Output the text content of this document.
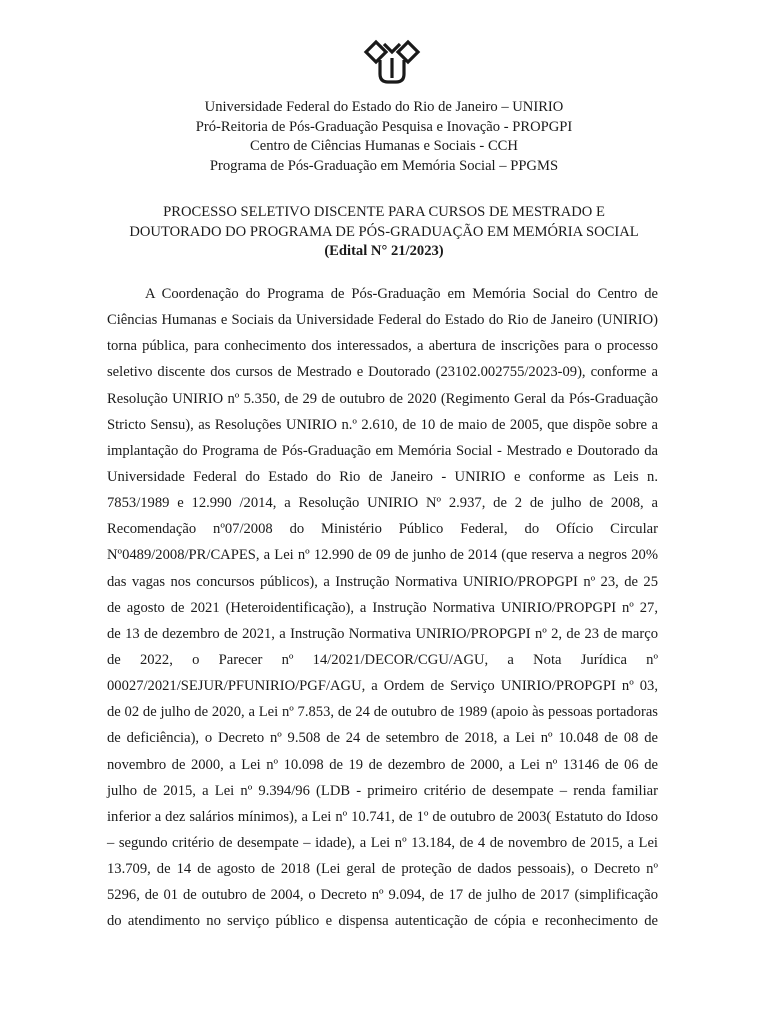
Universidade Federal do Estado do Rio de Janeiro – UNIRIO
Pró-Reitoria de Pós-Graduação Pesquisa e Inovação - PROPGPI
Centro de Ciências Humanas e Sociais - CCH
Programa de Pós-Graduação em Memória Social – PPGMS
PROCESSO SELETIVO DISCENTE PARA CURSOS DE MESTRADO E
DOUTORADO DO PROGRAMA DE PÓS-GRADUAÇÃO EM MEMÓRIA SOCIAL
(Edital N° 21/2023)
A Coordenação do Programa de Pós-Graduação em Memória Social do Centro de
Ciências Humanas e Sociais da Universidade Federal do Estado do Rio de Janeiro (UNIRIO)
torna pública, para conhecimento dos interessados, a abertura de inscrições para o processo
seletivo discente dos cursos de Mestrado e Doutorado (23102.002755/2023-09), conforme a
Resolução UNIRIO nº 5.350, de 29 de outubro de 2020 (Regimento Geral da Pós-Graduação
Stricto Sensu), as Resoluções UNIRIO n.º 2.610, de 10 de maio de 2005, que dispõe sobre a
implantação do Programa de Pós-Graduação em Memória Social - Mestrado e Doutorado da
Universidade Federal do Estado do Rio de Janeiro - UNIRIO e conforme as Leis n.
7853/1989 e 12.990 /2014, a Resolução UNIRIO Nº 2.937, de 2 de julho de 2008, a
Recomendação nº07/2008 do Ministério Público Federal, do Ofício Circular
Nº0489/2008/PR/CAPES, a Lei nº 12.990 de 09 de junho de 2014 (que reserva a negros 20%
das vagas nos concursos públicos), a Instrução Normativa UNIRIO/PROPGPI nº 23, de 25
de agosto de 2021 (Heteroidentificação), a Instrução Normativa UNIRIO/PROPGPI nº 27,
de 13 de dezembro de 2021, a Instrução Normativa UNIRIO/PROPGPI nº 2, de 23 de março
de 2022, o Parecer nº 14/2021/DECOR/CGU/AGU, a Nota Jurídica nº
00027/2021/SEJUR/PFUNIRIO/PGF/AGU, a Ordem de Serviço UNIRIO/PROPGPI nº 03,
de 02 de julho de 2020, a Lei nº 7.853, de 24 de outubro de 1989 (apoio às pessoas portadoras
de deficiência), o Decreto nº 9.508 de 24 de setembro de 2018, a Lei nº 10.048 de 08 de
novembro de 2000, a Lei nº 10.098 de 19 de dezembro de 2000, a Lei nº 13146 de 06 de
julho de 2015, a Lei nº 9.394/96 (LDB - primeiro critério de desempate – renda familiar
inferior a dez salários mínimos), a Lei nº 10.741, de 1º de outubro de 2003( Estatuto do Idoso
– segundo critério de desempate – idade), a Lei nº 13.184, de 4 de novembro de 2015, a Lei
13.709, de 14 de agosto de 2018 (Lei geral de proteção de dados pessoais), o Decreto nº
5296, de 01 de outubro de 2004, o Decreto nº 9.094, de 17 de julho de 2017 (simplificação
do atendimento no serviço público e dispensa autenticação de cópia e reconhecimento de
